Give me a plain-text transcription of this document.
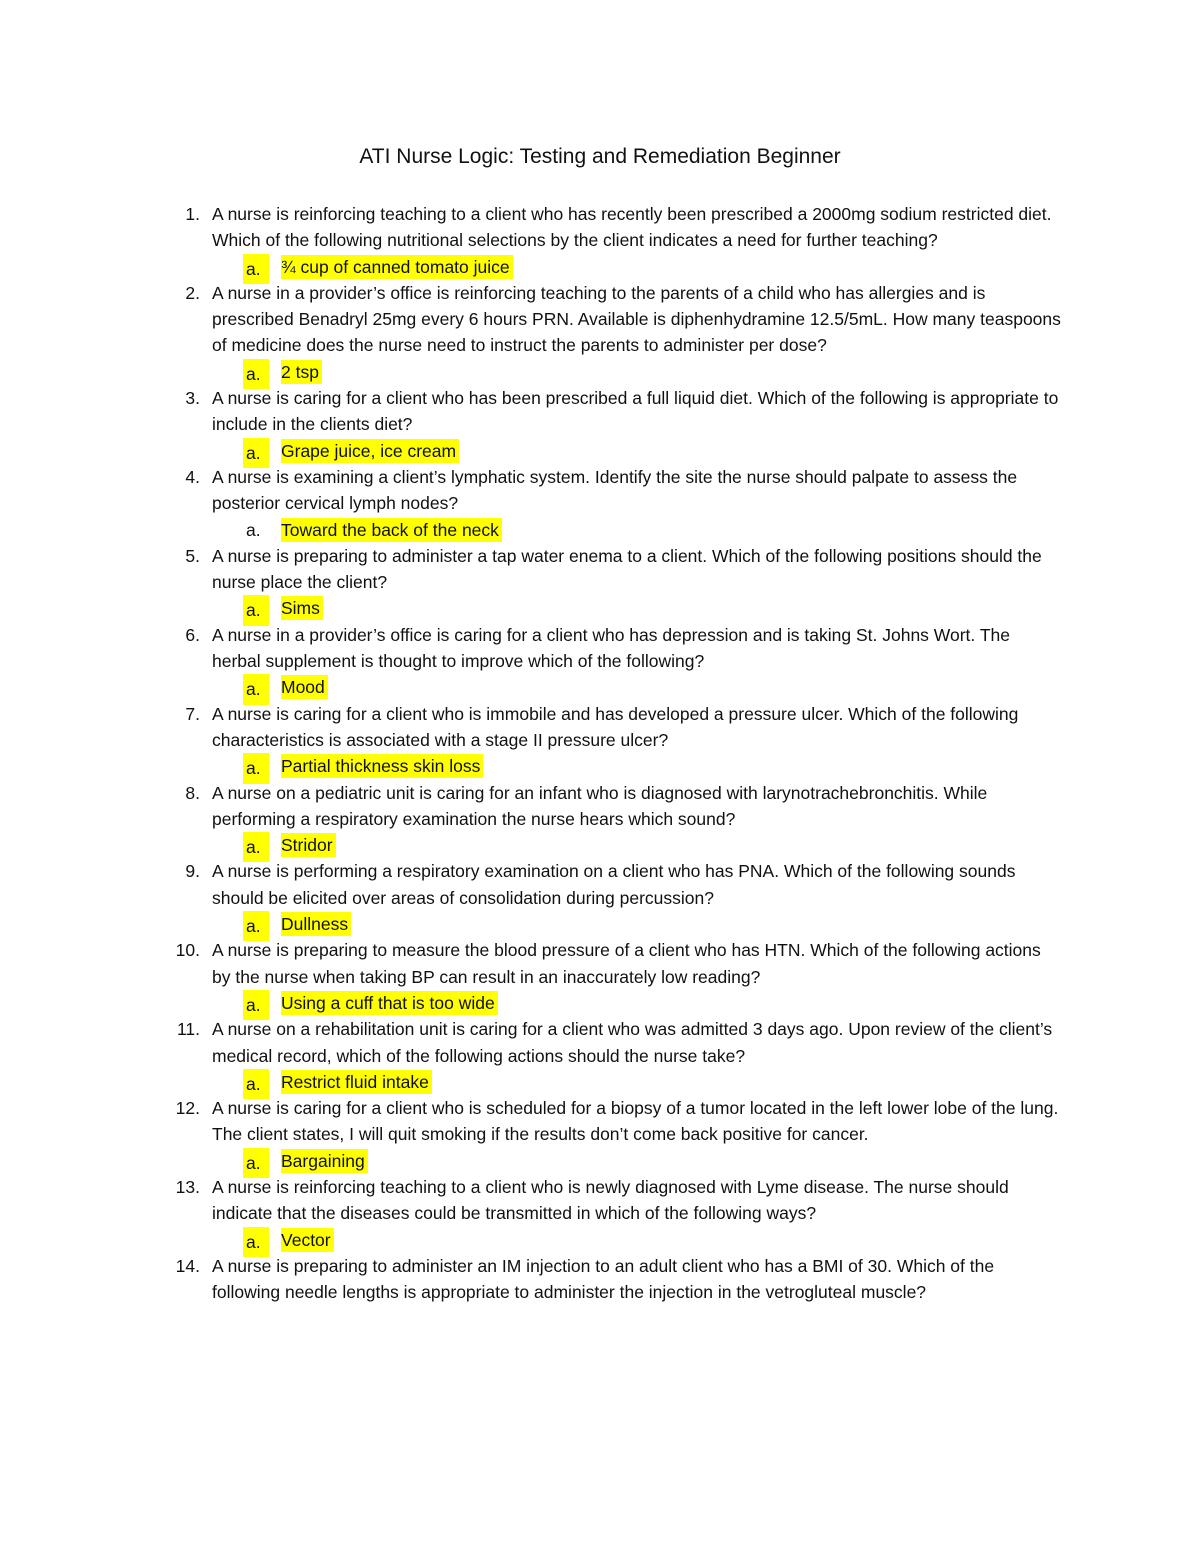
ATI Nurse Logic: Testing and Remediation Beginner
1. A nurse is reinforcing teaching to a client who has recently been prescribed a 2000mg sodium restricted diet. Which of the following nutritional selections by the client indicates a need for further teaching?
a.	¾ cup of canned tomato juice
2. A nurse in a provider’s office is reinforcing teaching to the parents of a child who has allergies and is prescribed Benadryl 25mg every 6 hours PRN. Available is diphenhydramine 12.5/5mL. How many teaspoons of medicine does the nurse need to instruct the parents to administer per dose?
a.	2 tsp
3. A nurse is caring for a client who has been prescribed a full liquid diet. Which of the following is appropriate to include in the clients diet?
a.	Grape juice, ice cream
4. A nurse is examining a client’s lymphatic system. Identify the site the nurse should palpate to assess the posterior cervical lymph nodes?
a. Toward the back of the neck
5. A nurse is preparing to administer a tap water enema to a client. Which of the following positions should the nurse place the client?
a.	Sims
6. A nurse in a provider’s office is caring for a client who has depression and is taking St. Johns Wort. The herbal supplement is thought to improve which of the following?
a.	Mood
7. A nurse is caring for a client who is immobile and has developed a pressure ulcer. Which of the following characteristics is associated with a stage II pressure ulcer?
a.	Partial thickness skin loss
8. A nurse on a pediatric unit is caring for an infant who is diagnosed with larynotrachebronchitis. While performing a respiratory examination the nurse hears which sound?
a.	Stridor
9. A nurse is performing a respiratory examination on a client who has PNA. Which of the following sounds should be elicited over areas of consolidation during percussion?
a.	Dullness
10. A nurse is preparing to measure the blood pressure of a client who has HTN. Which of the following actions by the nurse when taking BP can result in an inaccurately low reading?
a.	Using a cuff that is too wide
11. A nurse on a rehabilitation unit is caring for a client who was admitted 3 days ago. Upon review of the client’s medical record, which of the following actions should the nurse take?
a.	Restrict fluid intake
12. A nurse is caring for a client who is scheduled for a biopsy of a tumor located in the left lower lobe of the lung. The client states, I will quit smoking if the results don’t come back positive for cancer.
a.	Bargaining
13. A nurse is reinforcing teaching to a client who is newly diagnosed with Lyme disease. The nurse should indicate that the diseases could be transmitted in which of the following ways?
a.	Vector
14. A nurse is preparing to administer an IM injection to an adult client who has a BMI of 30. Which of the following needle lengths is appropriate to administer the injection in the vetrogluteal muscle?
